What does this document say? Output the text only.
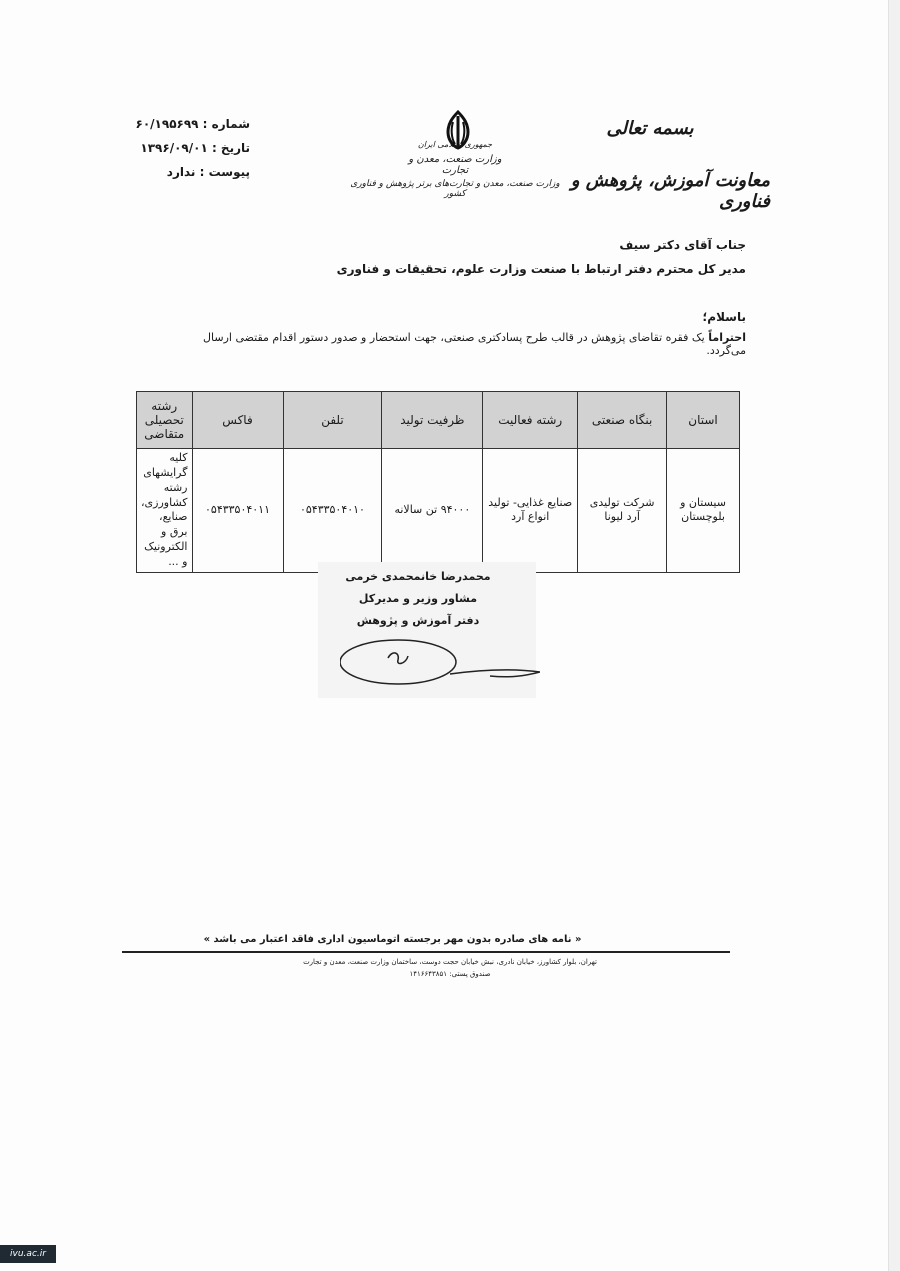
بسمه تعالی
معاونت آموزش، پژوهش و فناوری
جمهوری اسلامی ایران
وزارت صنعت، معدن و تجارت
وزارت صنعت، معدن و تجارت‌های برتر پژوهش و فناوری کشور
شماره : ۶۰/۱۹۵۶۹۹
تاریخ : ۱۳۹۶/۰۹/۰۱
پیوست : ندارد
جناب آقای دکتر سیف
مدیر کل محترم دفتر ارتباط با صنعت وزارت علوم، تحقیقات و فناوری
باسلام؛
احتراماً یک فقره تقاضای پژوهش در قالب طرح پسادکتری صنعتی، جهت استحضار و صدور دستور اقدام مقتضی ارسال می‌گردد.
استان	بنگاه صنعتی	رشته فعالیت	ظرفیت تولید	تلفن	فاکس	رشته تحصیلی متقاضی
سیستان و بلوچستان	شرکت تولیدی آرد لیونا	صنایع غذایی- تولید انواع آرد	۹۴۰۰۰ تن سالانه	۰۵۴۳۳۵۰۴۰۱۰	۰۵۴۳۳۵۰۴۰۱۱	کلیه گرایشهای رشته کشاورزی، صنایع، برق و الکترونیک و ...
محمدرضا خانمحمدی خرمی
مشاور وزیر و مدیرکل
دفتر آموزش و پژوهش
« نامه های صادره بدون مهر برجسته اتوماسیون اداری فاقد اعتبار می باشد »
تهران، بلوار کشاورز، خیابان نادری، نبش خیابان حجت دوست، ساختمان وزارت صنعت، معدن و تجارت
صندوق پستی: ۱۴۱۶۶۴۳۸۵۱
ivu.ac.ir
